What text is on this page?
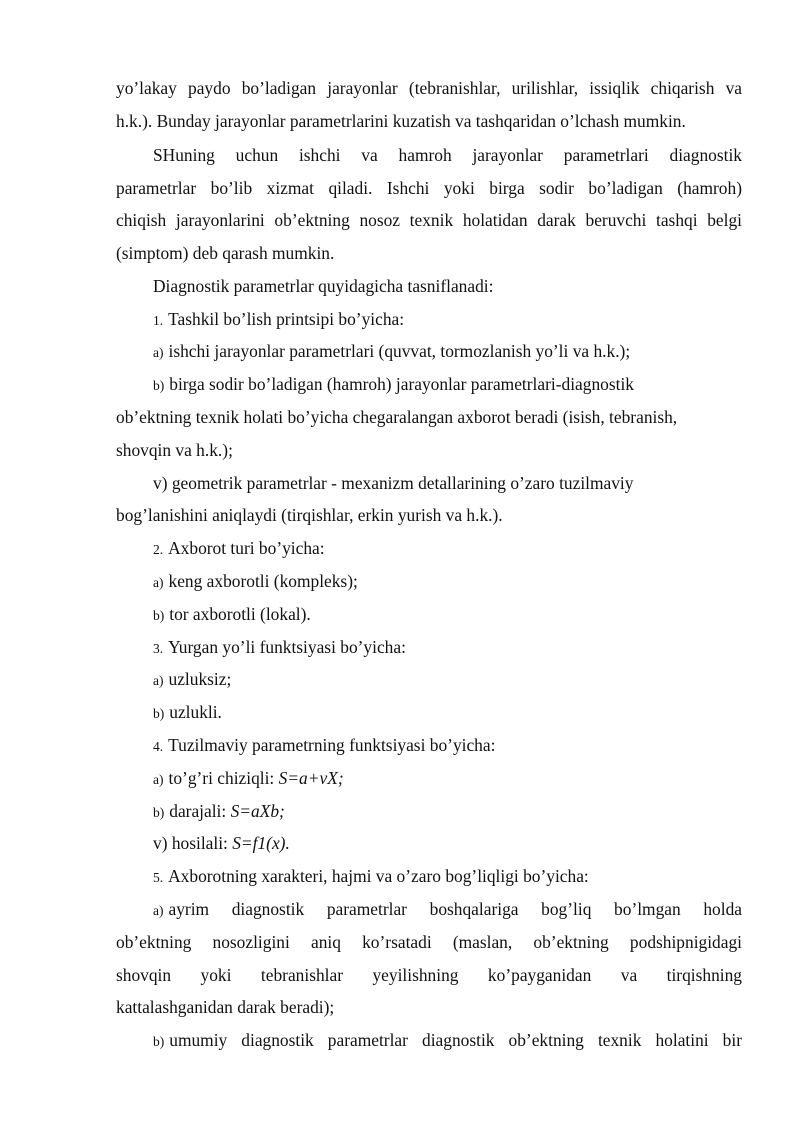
yo’lakay paydo bo’ladigan jarayonlar (tebranishlar, urilishlar, issiqlik chiqarish va
h.k.). Bunday jarayonlar parametrlarini kuzatish va tashqaridan o’lchash mumkin.
SHuning uchun ishchi va hamroh jarayonlar parametrlari diagnostik
parametrlar bo’lib xizmat qiladi. Ishchi yoki birga sodir bo’ladigan (hamroh)
chiqish jarayonlarini ob’ektning nosoz texnik holatidan darak beruvchi tashqi belgi
(simptom) deb qarash mumkin.
Diagnostik parametrlar quyidagicha tasniflanadi:
1. Tashkil bo’lish printsipi bo’yicha:
a) ishchi jarayonlar parametrlari (quvvat, tormozlanish yo’li va h.k.);
b) birga sodir bo’ladigan (hamroh) jarayonlar parametrlari-diagnostik
ob’ektning texnik holati bo’yicha chegaralangan axborot beradi (isish, tebranish,
shovqin va h.k.);
v) geometrik parametrlar - mexanizm detallarining o’zaro tuzilmaviy
bog’lanishini aniqlaydi (tirqishlar, erkin yurish va h.k.).
2. Axborot turi bo’yicha:
a) keng axborotli (kompleks);
b) tor axborotli (lokal).
3. Yurgan yo’li funktsiyasi bo’yicha:
a) uzluksiz;
b) uzlukli.
4. Tuzilmaviy parametrning funktsiyasi bo’yicha:
a) to’g’ri chiziqli: S=a+vX;
b) darajali: S=aXb;
v) hosilali: S=f1(x).
5. Axborotning xarakteri, hajmi va o’zaro bog’liqligi bo’yicha:
a) ayrim diagnostik parametrlar boshqalariga bog’liq bo’lmgan holda
ob’ektning nosozligini aniq ko’rsatadi (maslan, ob’ektning podshipnigidagi
shovqin yoki tebranishlar yeyilishning ko’payganidan va tirqishning
kattalashganidan darak beradi);
b) umumiy diagnostik parametrlar diagnostik ob’ektning texnik holatini bir
